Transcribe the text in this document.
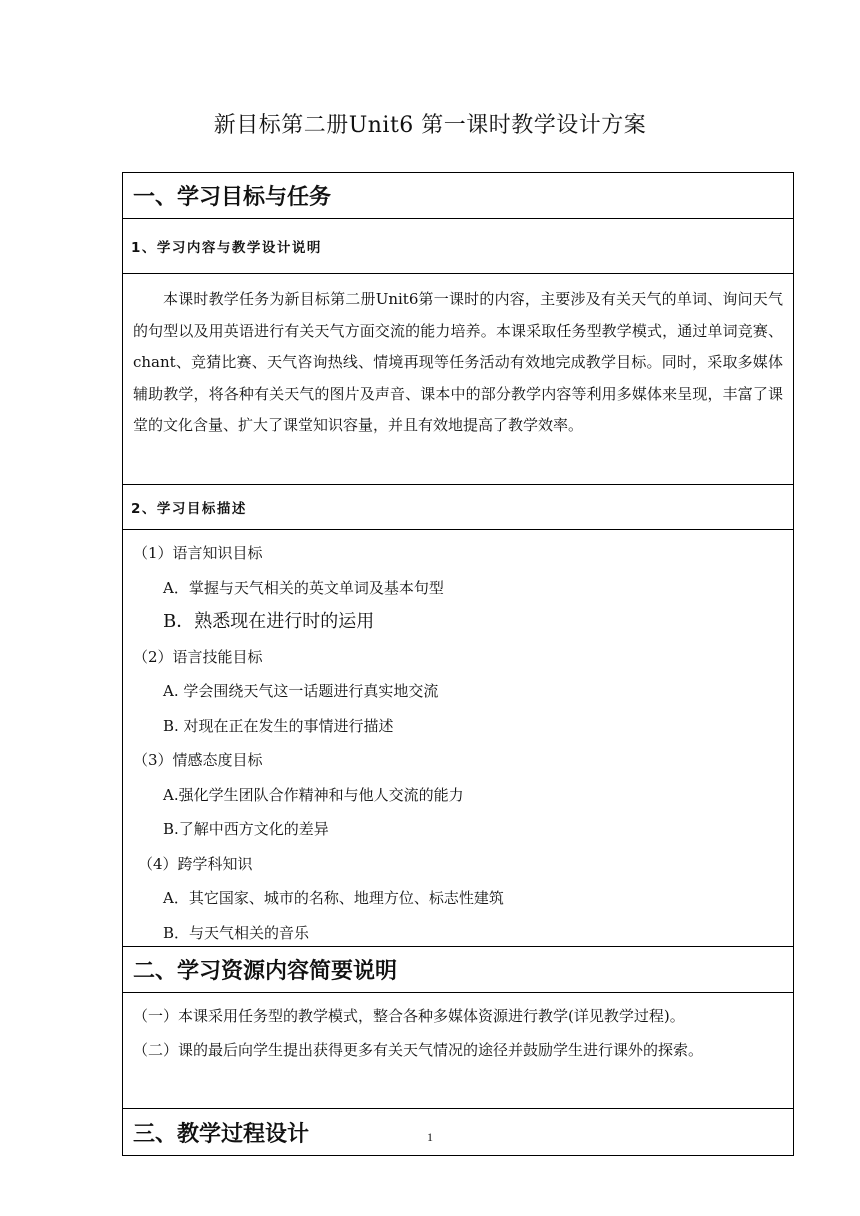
新目标第二册Unit6 第一课时教学设计方案
一、学习目标与任务
1、学习内容与教学设计说明
本课时教学任务为新目标第二册Unit6第一课时的内容，主要涉及有关天气的单词、询问天气的句型以及用英语进行有关天气方面交流的能力培养。本课采取任务型教学模式，通过单词竞赛、chant、竞猜比赛、天气咨询热线、情境再现等任务活动有效地完成教学目标。同时，采取多媒体辅助教学，将各种有关天气的图片及声音、课本中的部分教学内容等利用多媒体来呈现，丰富了课堂的文化含量、扩大了课堂知识容量，并且有效地提高了教学效率。
2、学习目标描述
（1）语言知识目标
A．掌握与天气相关的英文单词及基本句型
B．熟悉现在进行时的运用
（2）语言技能目标
A. 学会围绕天气这一话题进行真实地交流
B. 对现在正在发生的事情进行描述
（3）情感态度目标
A.强化学生团队合作精神和与他人交流的能力
B.了解中西方文化的差异
（4）跨学科知识
A．其它国家、城市的名称、地理方位、标志性建筑
B．与天气相关的音乐
二、学习资源内容简要说明
（一）本课采用任务型的教学模式，整合各种多媒体资源进行教学(详见教学过程)。
（二）课的最后向学生提出获得更多有关天气情况的途径并鼓励学生进行课外的探索。
三、教学过程设计	1
